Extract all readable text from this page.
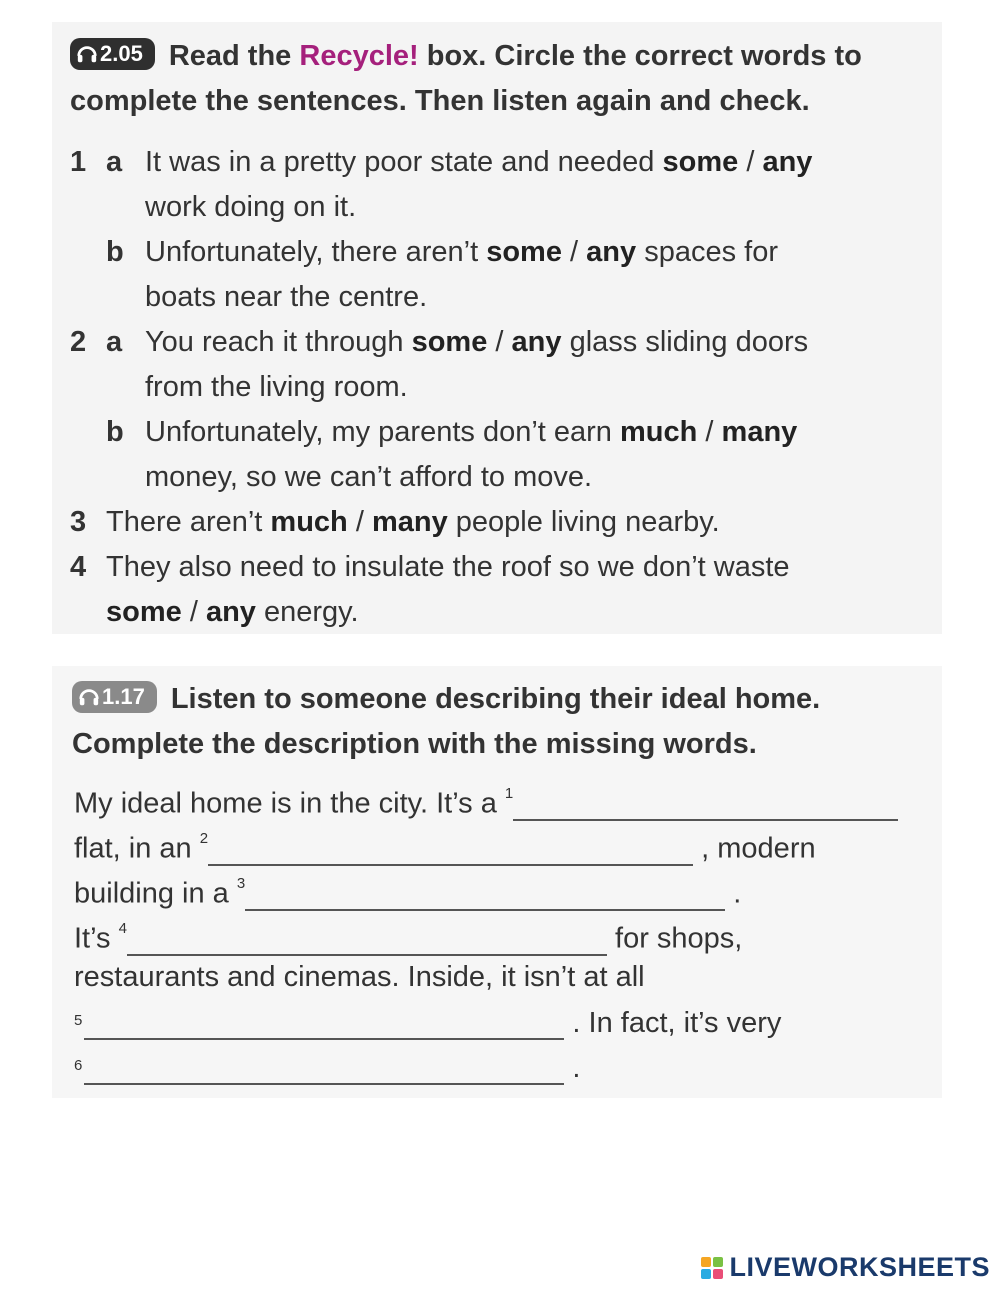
2.05 Read the Recycle! box. Circle the correct words to
complete the sentences. Then listen again and check.
1 a It was in a pretty poor state and needed some / any
work doing on it.
b Unfortunately, there aren’t some / any spaces for
boats near the centre.
2 a You reach it through some / any glass sliding doors
from the living room.
b Unfortunately, my parents don’t earn much / many
money, so we can’t afford to move.
3 There aren’t much / many people living nearby.
4 They also need to insulate the roof so we don’t waste
some / any energy.
1.17 Listen to someone describing their ideal home.
Complete the description with the missing words.
My ideal home is in the city. It’s a $^1$
flat, in an $^2$	, modern
building in a $^3$	.
It’s $^4$	for shops,
restaurants and cinemas. Inside, it isn’t at all
$^5$	. In fact, it’s very
$^6$	.
LIVEWORKSHEETS
